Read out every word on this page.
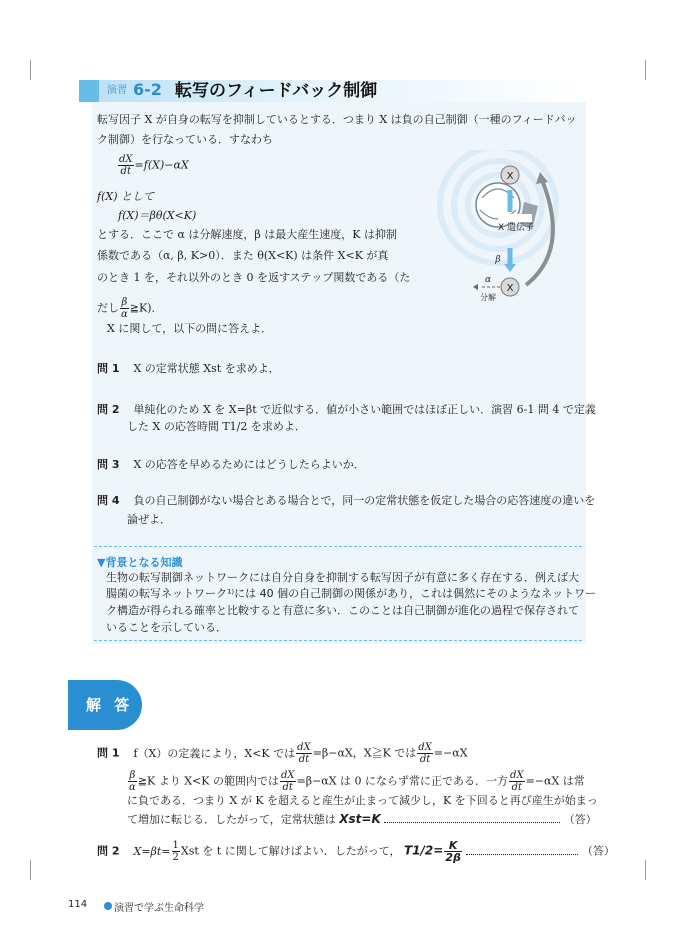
演習 6-2 転写のフィードバック制御
転写因子 X が自身の転写を抑制しているとする．つまり X は負の自己制御（一種のフィードバッ
ク制御）を行なっている．すなわち
$\frac{dX}{dt} =f(X)-\alpha X$
f(X) として
f(X)＝βθ(X<K)
とする．ここで α は分解速度，β は最大産生速度，K は抑制
係数である（α, β, K>0）．また θ(X<K) は条件 X<K が真
のとき 1 を，それ以外のとき 0 を返すステップ関数である（た
だし $\frac{\beta}{\alpha}$ ≧K)．
X に関して，以下の問に答えよ．
X
X 遺伝子
β
X
α
分解
問 1 X の定常状態 Xst を求めよ．
問 2 単純化のため X を X=βt で近似する．値が小さい範囲ではほぼ正しい．演習 6-1 問 4 で定義
した X の応答時間 T1/2 を求めよ．
問 3 X の応答を早めるためにはどうしたらよいか．
問 4 負の自己制御がない場合とある場合とで，同一の定常状態を仮定した場合の応答速度の違いを
論ぜよ．
▼背景となる知識
生物の転写制御ネットワークには自分自身を抑制する転写因子が有意に多く存在する．例えば大
腸菌の転写ネットワーク¹⁾には 40 個の自己制御の関係があり，これは偶然にそのようなネットワー
ク構造が得られる確率と比較すると有意に多い．このことは自己制御が進化の過程で保存されて
いることを示している．
解 答
問 1 f（X）の定義により，X<K では $\frac{dX}{dt} =\beta-\alpha X$，X≧K では $\frac{dX}{dt} =-\alpha X$
$\frac{\beta}{\alpha}$ ≧K より X<K の範囲内では $\frac{dX}{dt} =\beta-\alpha X$ は 0 にならず常に正である．一方 $\frac{dX}{dt} =-\alpha X$ は常
に負である．つまり X が K を超えると産生が止まって減少し，K を下回ると再び産生が始まっ
て増加に転じる．したがって，定常状態は Xst=K	（答）
問 2 $X=\beta t= \frac{1}{2}$ Xst を t に関して解けばよい．したがって， $T1/2= \frac{K}{2\beta}$	（答）
114	演習で学ぶ生命科学
